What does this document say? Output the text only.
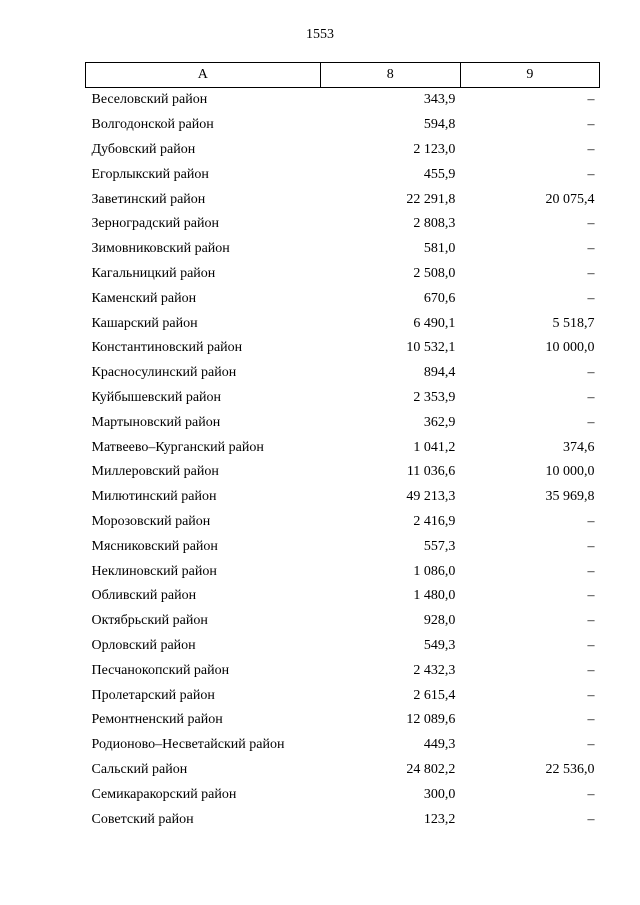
1553
А	8	9
Веселовский район	343,9	–
Волгодонской район	594,8	–
Дубовский район	2 123,0	–
Егорлыкский район	455,9	–
Заветинский район	22 291,8	20 075,4
Зерноградский район	2 808,3	–
Зимовниковский район	581,0	–
Кагальницкий район	2 508,0	–
Каменский район	670,6	–
Кашарский район	6 490,1	5 518,7
Константиновский район	10 532,1	10 000,0
Красносулинский район	894,4	–
Куйбышевский район	2 353,9	–
Мартыновский район	362,9	–
Матвеево–Курганский район	1 041,2	374,6
Миллеровский район	11 036,6	10 000,0
Милютинский район	49 213,3	35 969,8
Морозовский район	2 416,9	–
Мясниковский район	557,3	–
Неклиновский район	1 086,0	–
Обливский район	1 480,0	–
Октябрьский район	928,0	–
Орловский район	549,3	–
Песчанокопский район	2 432,3	–
Пролетарский район	2 615,4	–
Ремонтненский район	12 089,6	–
Родионово–Несветайский район	449,3	–
Сальский район	24 802,2	22 536,0
Семикаракорский район	300,0	–
Советский район	123,2	–
